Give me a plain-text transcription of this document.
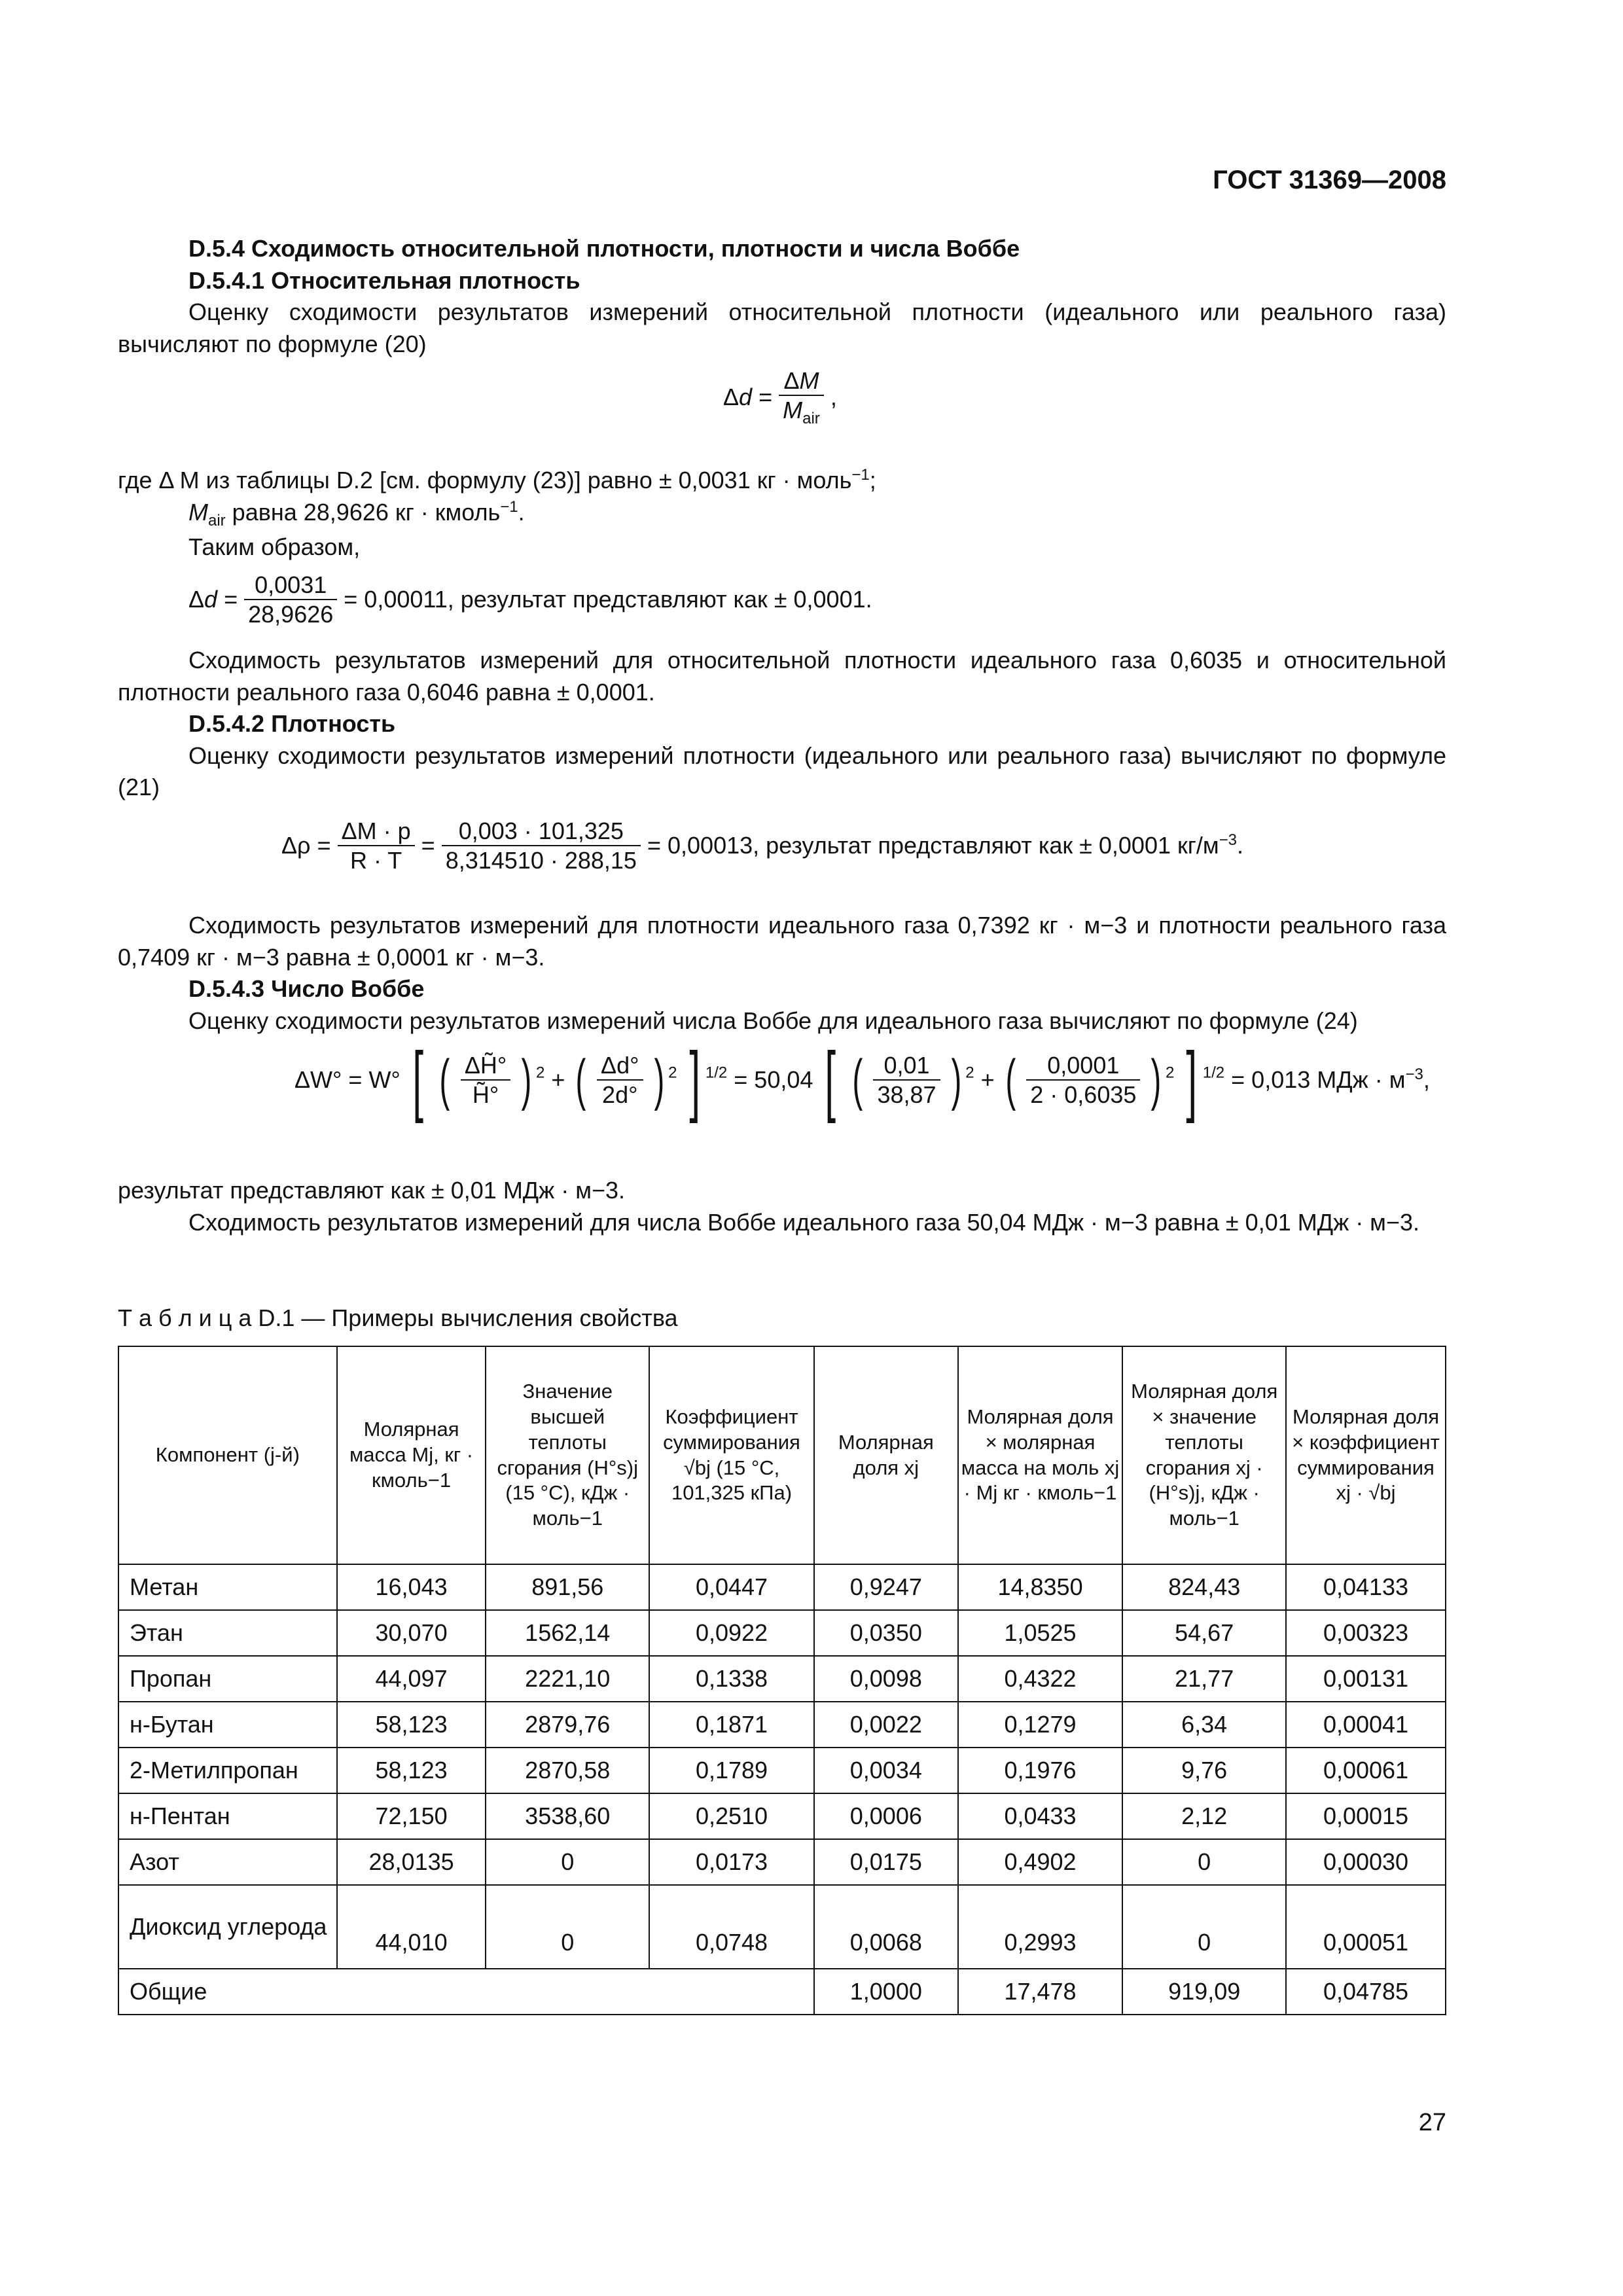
ГОСТ 31369—2008

D.5.4 Сходимость относительной плотности, плотности и числа Воббе

D.5.4.1 Относительная плотность

Оценку сходимости результатов измерений относительной плотности (идеального или реального газа) вычисляют по формуле (20)

$\Delta d = \frac{\Delta M}{M_{air}}$ ,

где Δ M из таблицы D.2 [см. формулу (23)] равно ± 0,0031 кг · моль$^{-1}$;

$M_{air}$ равна 28,9626 кг · кмоль$^{-1}$.

Таким образом,

$\Delta d = \frac{0,0031}{28,9626} = 0,00011$, результат представляют как ± 0,0001.

Сходимость результатов измерений для относительной плотности идеального газа 0,6035 и относительной плотности реального газа 0,6046 равна ± 0,0001.

D.5.4.2 Плотность

Оценку сходимости результатов измерений плотности (идеального или реального газа) вычисляют по формуле (21)

$\Delta\rho = \frac{\Delta M \cdot p}{R \cdot T} = \frac{0,003 \cdot 101,325}{8,314510 \cdot 288,15} = 0,00013$, результат представляют как ± 0,0001 $кг/м^{-3}$.

Сходимость результатов измерений для плотности идеального газа 0,7392 кг · м−3 и плотности реального газа 0,7409 кг · м−3 равна ± 0,0001 кг · м−3.

D.5.4.3 Число Воббе

Оценку сходимости результатов измерений числа Воббе для идеального газа вычисляют по формуле (24)

ΔW° = W° [ ( $\frac{\Delta H̃^\circ}{H̃^\circ}$ ) $^2$ + ( $\frac{\Delta d^\circ}{2d^\circ}$ ) $^2$ ] $^{1/2}$ = 50,04 [ ( $\frac{0,01}{38,87}$ ) $^2$ + ( $\frac{0,0001}{2 \cdot 0,6035}$ ) $^2$ ] $^{1/2}$ = 0,013 МДж · $м^{-3}$,

результат представляют как ± 0,01 МДж · м−3.

Сходимость результатов измерений для числа Воббе идеального газа 50,04 МДж · м−3 равна ± 0,01 МДж · м−3.

Т а б л и ц а D.1 — Примеры вычисления свойства
Компонент (j-й)	Молярная масса Mj, кг · кмоль−1	Значение высшей теплоты сгорания (H°s)j (15 °C), кДж · моль−1	Коэффициент суммирования √bj (15 °C, 101,325 кПа)	Молярная доля xj	Молярная доля × молярная масса на моль xj · Mj кг · кмоль−1	Молярная доля × значение теплоты сгорания xj · (H°s)j, кДж · моль−1	Молярная доля × коэффициент суммирования xj · √bj
Метан	16,043	891,56	0,0447	0,9247	14,8350	824,43	0,04133
Этан	30,070	1562,14	0,0922	0,0350	1,0525	54,67	0,00323
Пропан	44,097	2221,10	0,1338	0,0098	0,4322	21,77	0,00131
н-Бутан	58,123	2879,76	0,1871	0,0022	0,1279	6,34	0,00041
2-Метилпропан	58,123	2870,58	0,1789	0,0034	0,1976	9,76	0,00061
н-Пентан	72,150	3538,60	0,2510	0,0006	0,0433	2,12	0,00015
Азот	28,0135	0	0,0173	0,0175	0,4902	0	0,00030
Диоксид углерода	44,010	0	0,0748	0,0068	0,2993	0	0,00051
Общие				1,0000	17,478	919,09	0,04785
27
